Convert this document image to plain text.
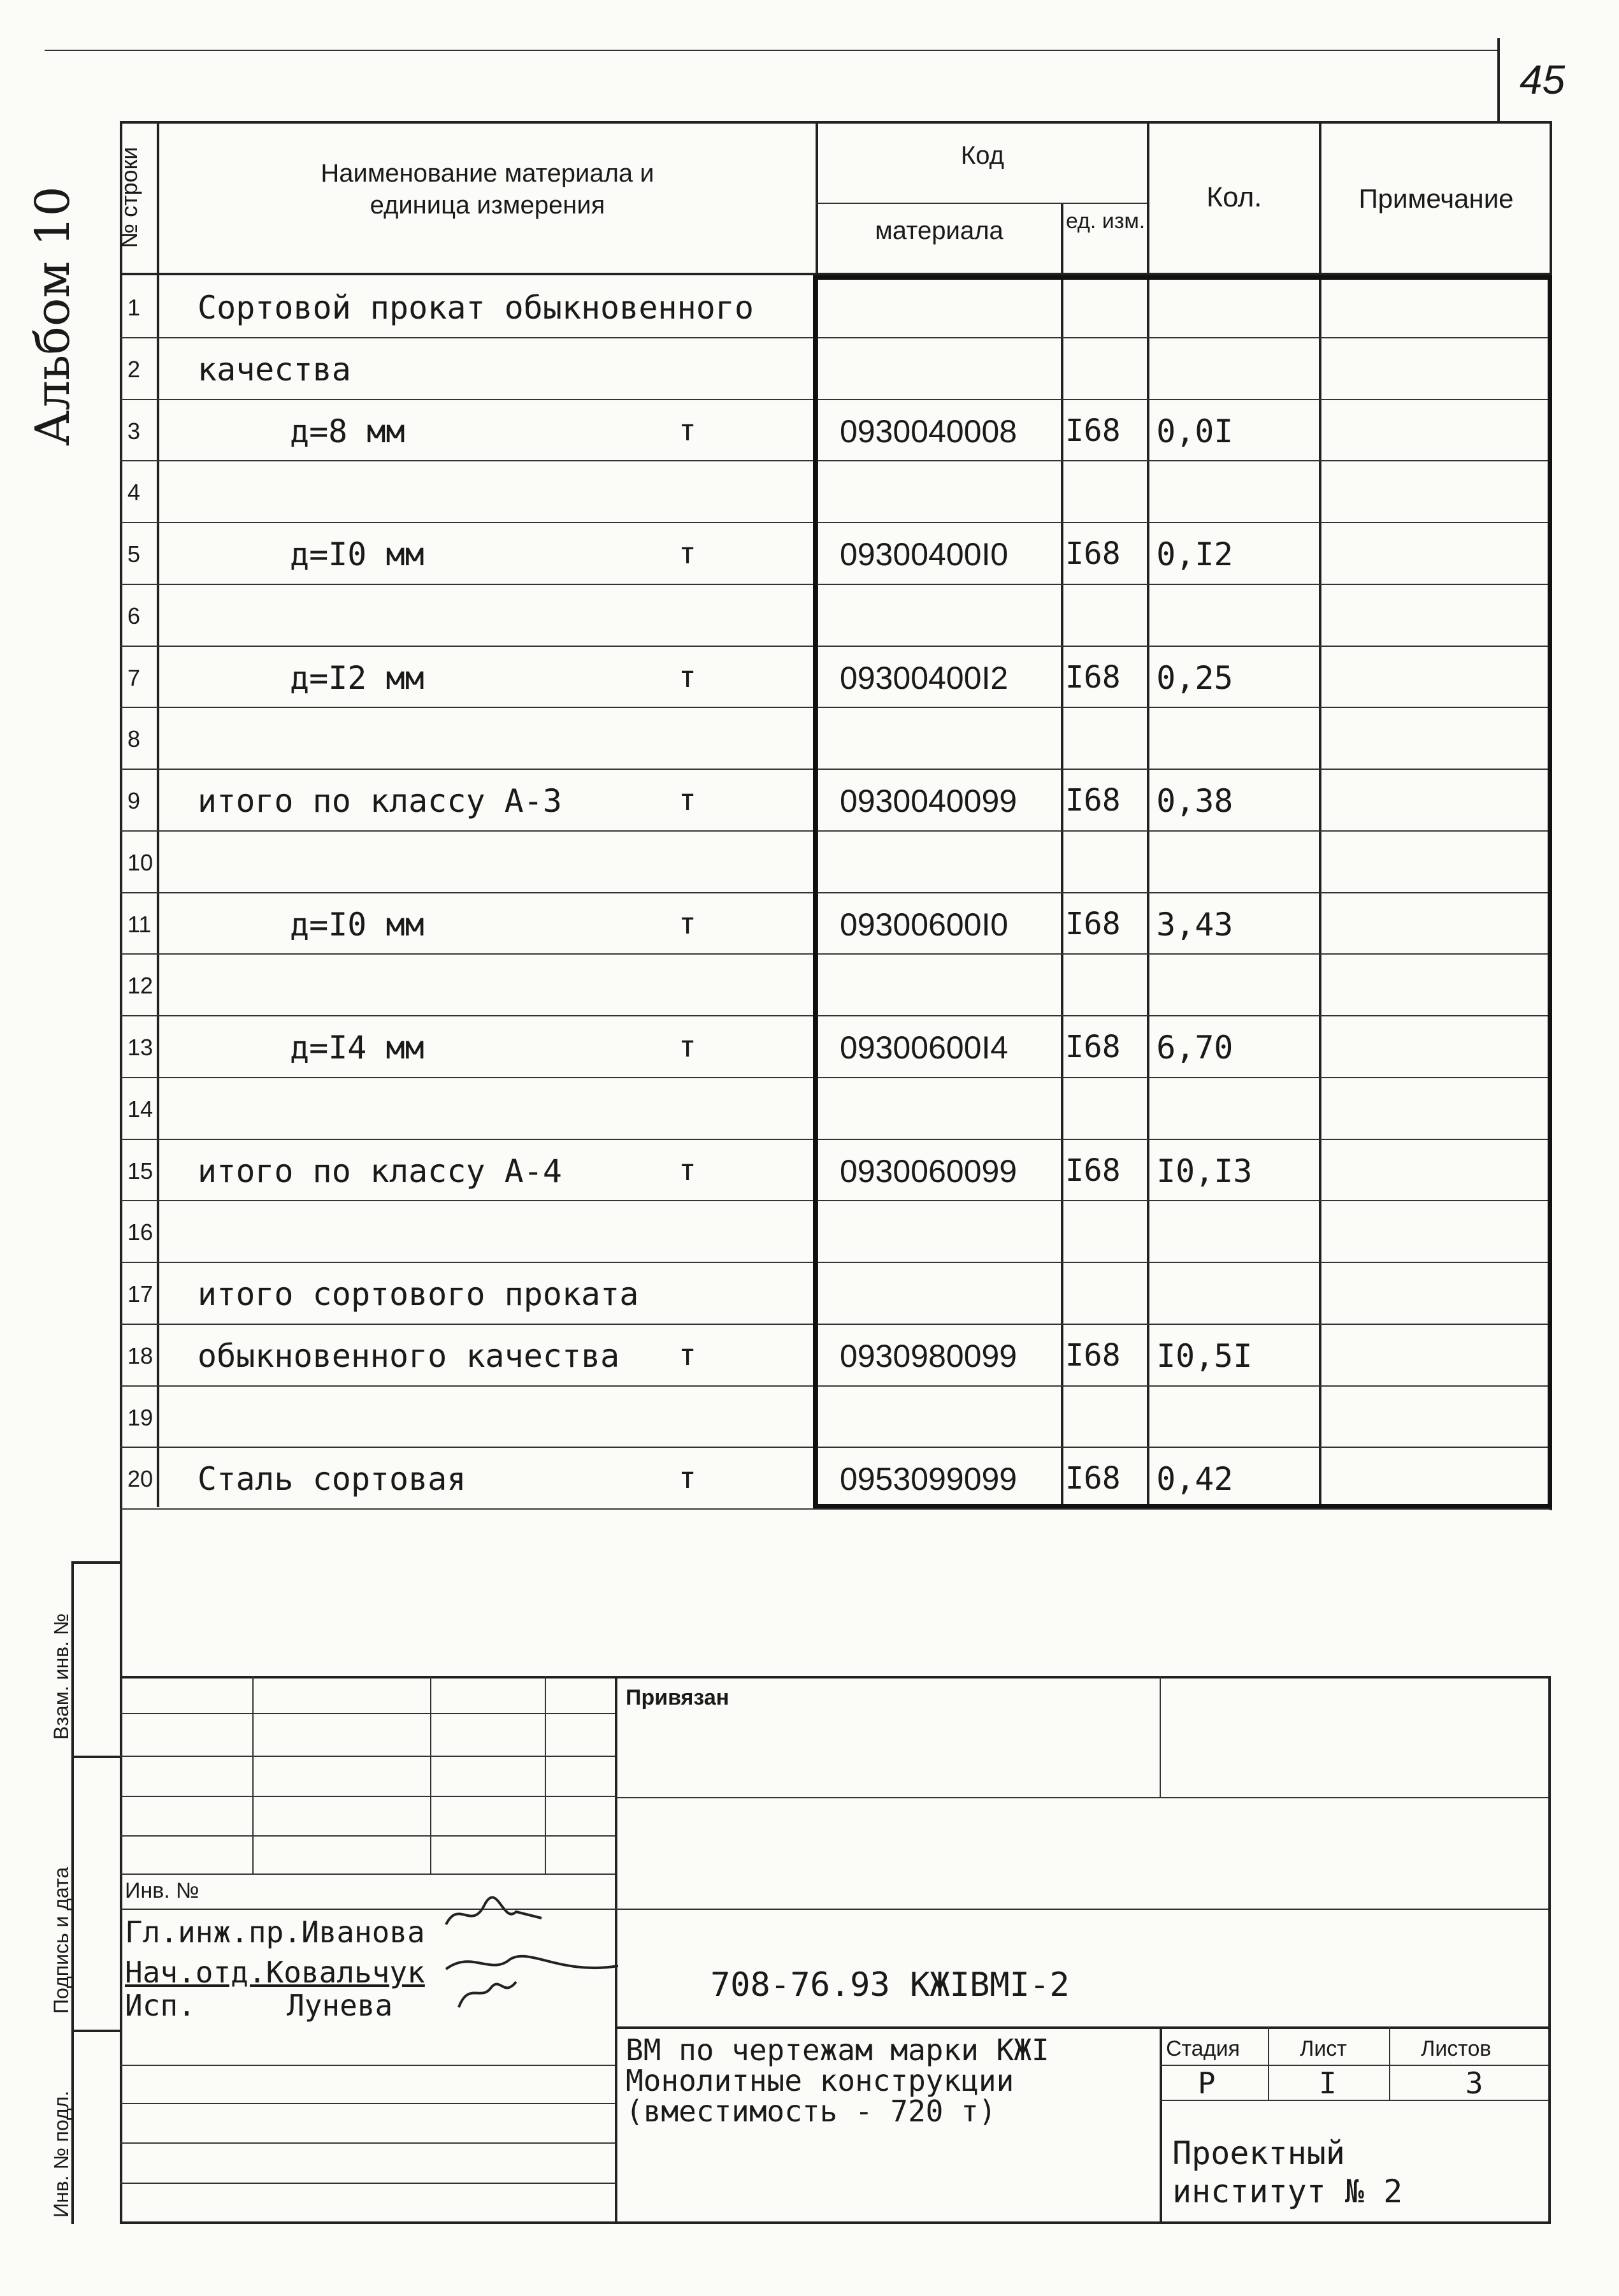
45
Альбом 10 № строки	Наименование материала и
единица измерения
Код
материала	ед. изм.
Кол.	Примечание
1	Сортовой прокат обыкновенного
2	качества
3	д=8 мм	т	0930040008 I68 0,0I
4
5	д=I0 мм	т	09300400I0 I68 0,I2
6
7	д=I2 мм	т	09300400I2 I68 0,25
8
9	итого по классу А-3	т	0930040099 I68 0,38
10
11	д=I0 мм	т	09300600I0 I68 3,43
12
13	д=I4 мм	т	09300600I4 I68 6,70
14
15	итого по классу А-4	т	0930060099 I68 I0,I3
16
17	итого сортового проката
18	обыкновенного качества т	0930980099 I68 I0,5I
19
20	Сталь сортовая	т	0953099099 I68 0,42
Взам. инв. №
Подпись и дата
Инв. № подл.
Привязан
Инв. №
Гл.инж.пр.Иванова
Нач.отд.Ковальчук
Исп.	Лунева
708-76.93 КЖIВМI-2
ВМ по чертежам марки КЖI
Монолитные конструкции
(вместимость - 720 т)
Стадия	Лист	Листов
Р	I	3
Проектный
институт № 2
